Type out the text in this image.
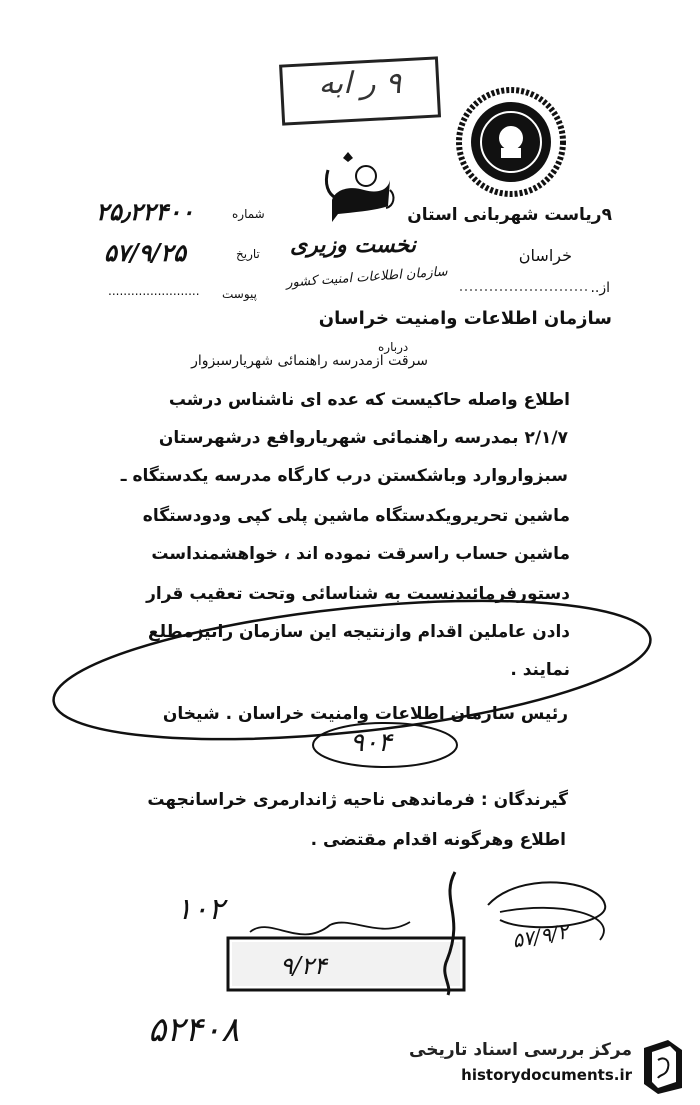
۹ ر ابه
۹ریاست شهربانی استان
خراسان
از..
نخست وزیری
سازمان اطلاعات امنیت کشور
شماره
۲۵٫۲۲۴۰۰
تاریخ
۵۷/۹/۲۵
پیوست
........................
سازمان اطلاعات وامنیت خراسان
درباره
سرقت ازمدرسه راهنمائی شهریارسبزوار
اطلاع واصله حاکیست که عده ای ناشناس درشب
۲/۱/۷ بمدرسه راهنمائی شهریاروافع درشهرستان
سبزواروارد وباشکستن درب کارگاه مدرسه یکدستگاه ـ
ماشین تحریرویکدستگاه ماشین پلی کپی ودودستگاه
ماشین حساب راسرقت نموده اند ، خواهشمنداست
دستورفرمائیدنسبت به شناسائی وتحت تعقیب قرار
دادن عاملین اقدام وازنتیجه این سازمان رانیزمطلع
نمایند .
رئیس سازمان اطلاعات وامنیت خراسان . شیخان
۹۰۴
گیرندگان : فرماندهی ناحیه ژاندارمری خراسانجهت
اطلاع وهرگونه اقدام مقتضی .
۱۰۲
۹/۲۴
۵۷/۹/۲
۵۲۴۰۸	مرکز بررسی اسناد تاریخی
historydocuments.ir
